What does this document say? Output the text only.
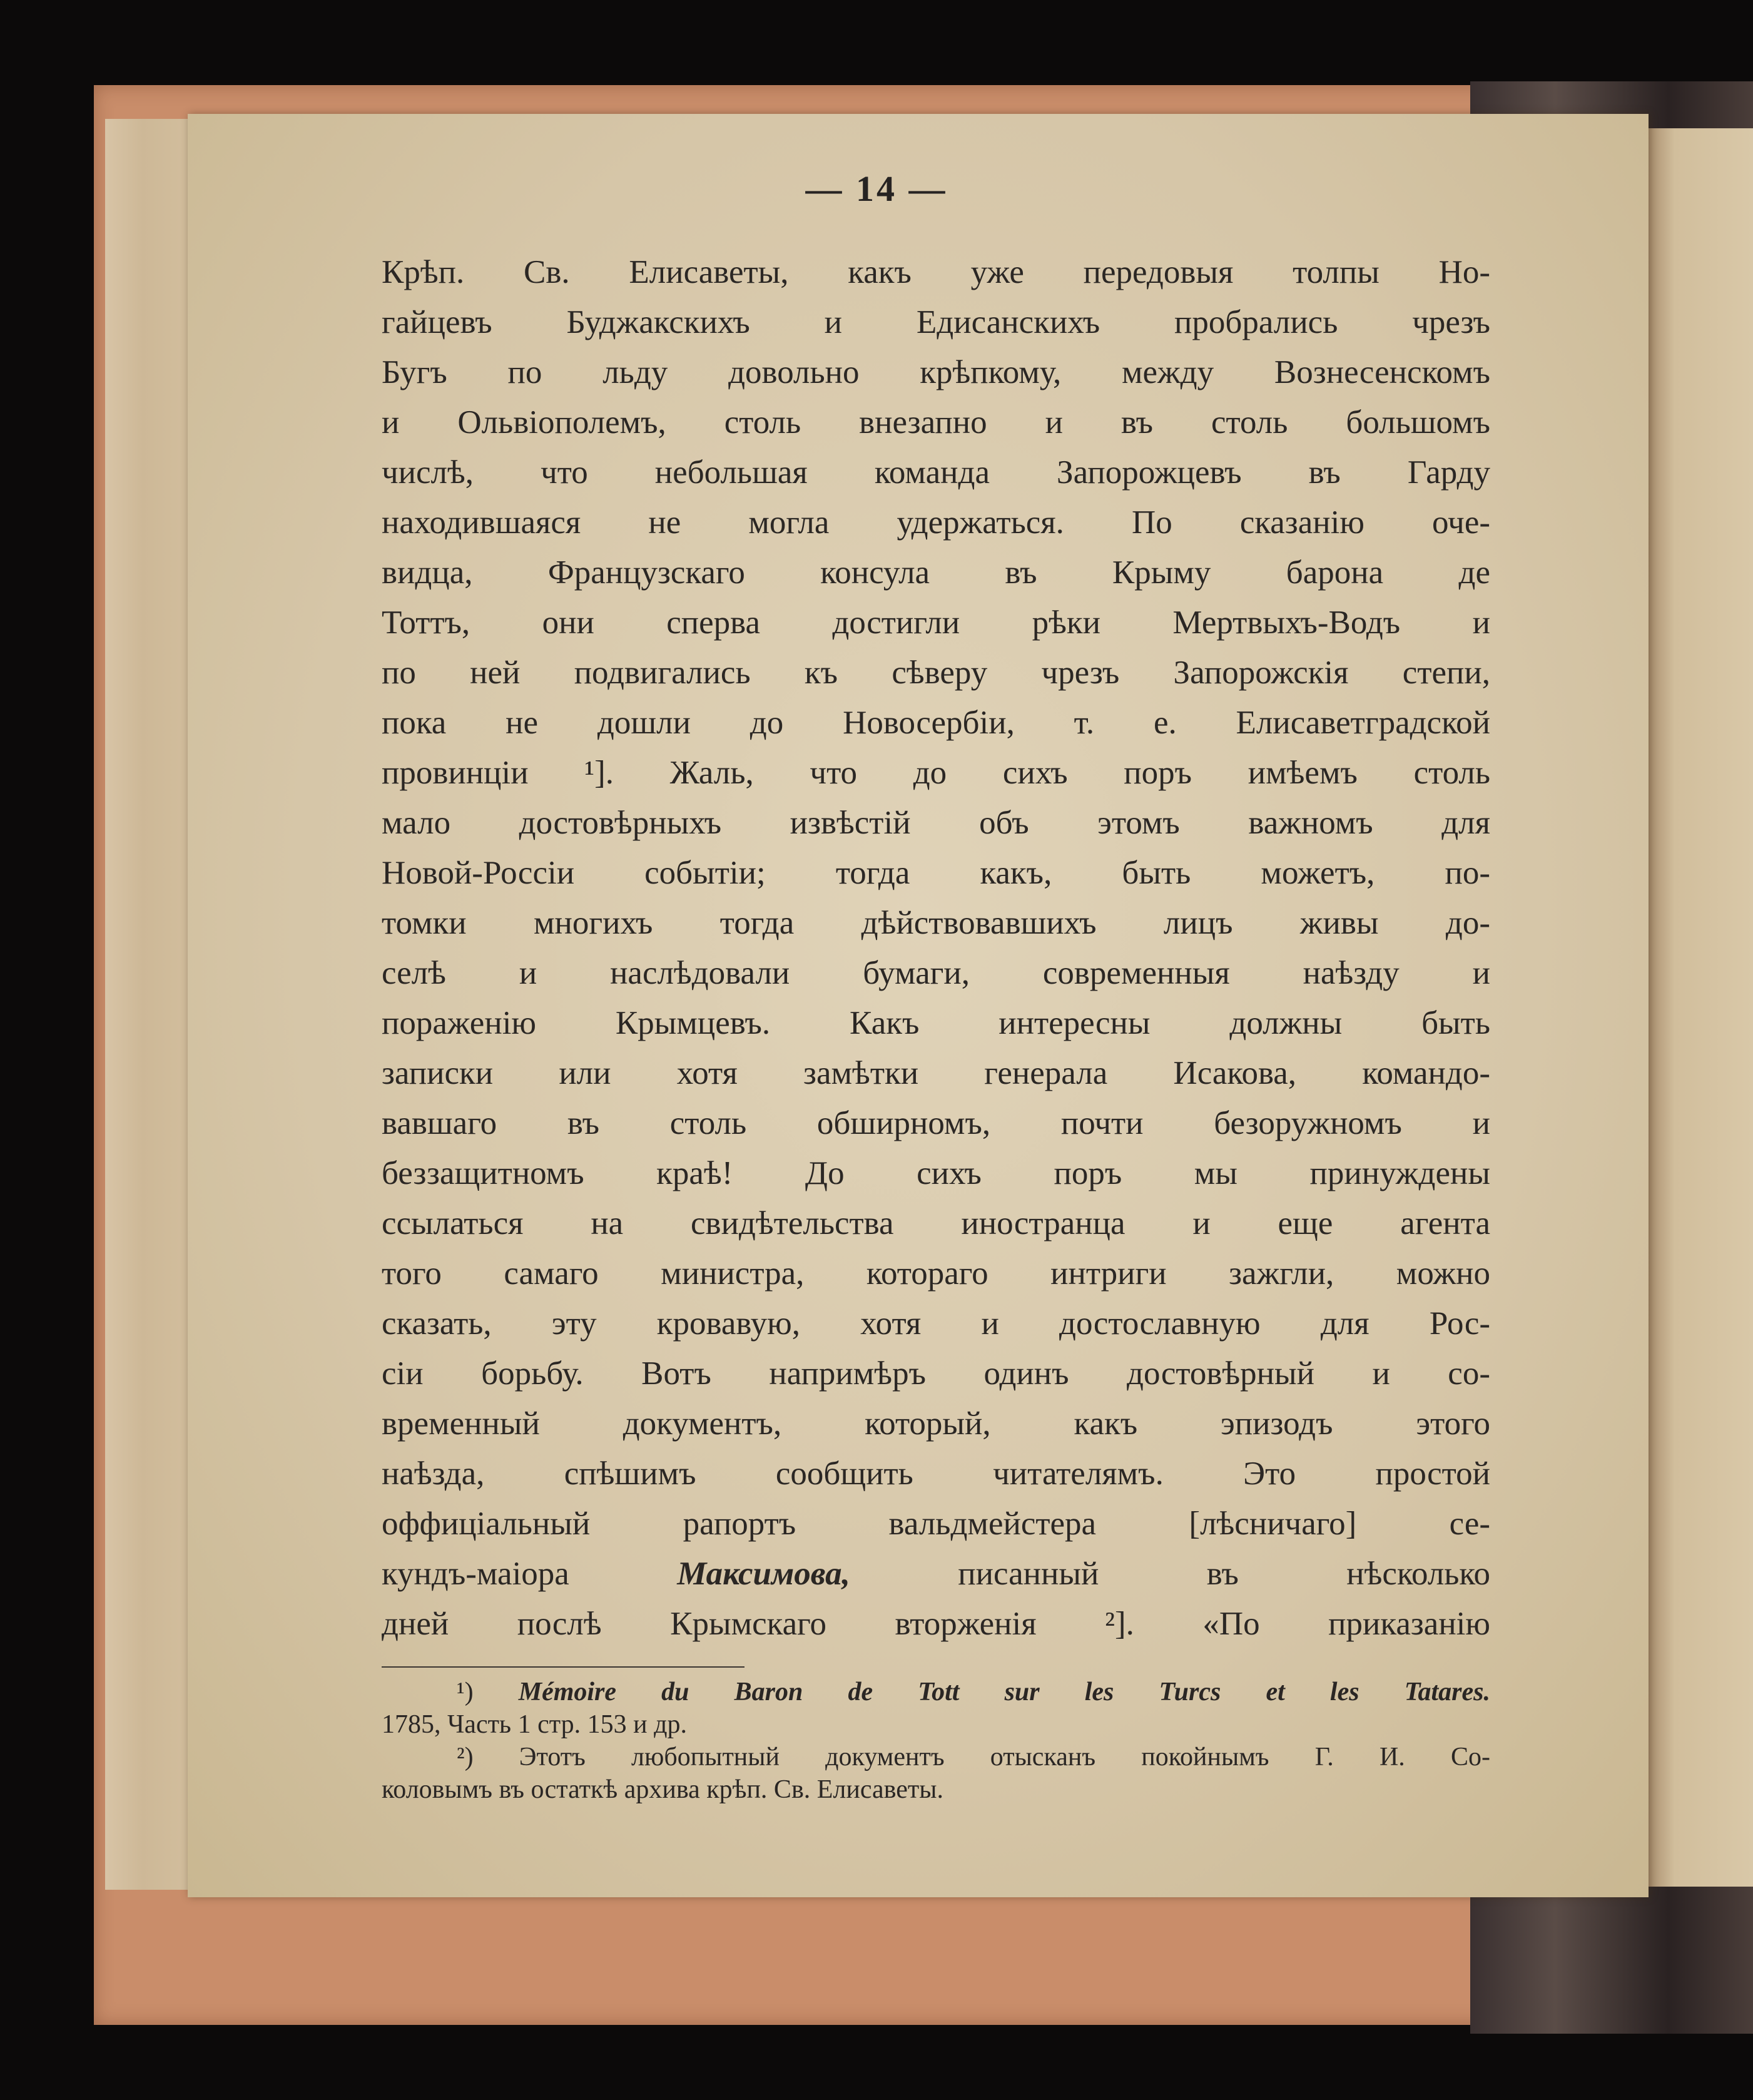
— 14 —
Крѣп. Св. Елисаветы, какъ уже передовыя толпы Но-
гайцевъ Буджакскихъ и Едисанскихъ пробрались чрезъ
Бугъ по льду довольно крѣпкому, между Вознесенскомъ
и Ольвiополемъ, столь внезапно и въ столь большомъ
числѣ, что небольшая команда Запорожцевъ въ Гарду
находившаяся не могла удержаться. По сказанiю оче-
видца, Французскаго консула въ Крыму барона де
Тоттъ, они сперва достигли рѣки Мертвыхъ-Водъ и
по ней подвигались къ сѣверу чрезъ Запорожскiя степи,
пока не дошли до Новосербiи, т. е. Елисаветградской
провинцiи ¹]. Жаль, что до сихъ поръ имѣемъ столь
мало достовѣрныхъ извѣстiй объ этомъ важномъ для
Новой-Россiи событiи; тогда какъ, быть можетъ, по-
томки многихъ тогда дѣйствовавшихъ лицъ живы до-
селѣ и наслѣдовали бумаги, современныя наѣзду и
пораженiю Крымцевъ. Какъ интересны должны быть
записки или хотя замѣтки генерала Исакова, командо-
вавшаго въ столь обширномъ, почти безоружномъ и
беззащитномъ краѣ! До сихъ поръ мы принуждены
ссылаться на свидѣтельства иностранца и еще агента
того самаго министра, котораго интриги зажгли, можно
сказать, эту кровавую, хотя и достославную для Рос-
сiи борьбу. Вотъ напримѣръ одинъ достовѣрный и со-
временный документъ, который, какъ эпизодъ этого
наѣзда, спѣшимъ сообщить читателямъ. Это простой
оффицiальный рапортъ вальдмейстера [лѣсничаго] се-
кундъ-маiора Максимова, писанный въ нѣсколько
дней послѣ Крымскаго вторженiя ²]. «По приказанiю
¹) Mémoire du Baron de Tott sur les Turcs et les Tatares.
1785, Часть 1 стр. 153 и др.
²) Этотъ любопытный документъ отысканъ покойнымъ Г. И. Со-
коловымъ въ остаткѣ архива крѣп. Св. Елисаветы.
